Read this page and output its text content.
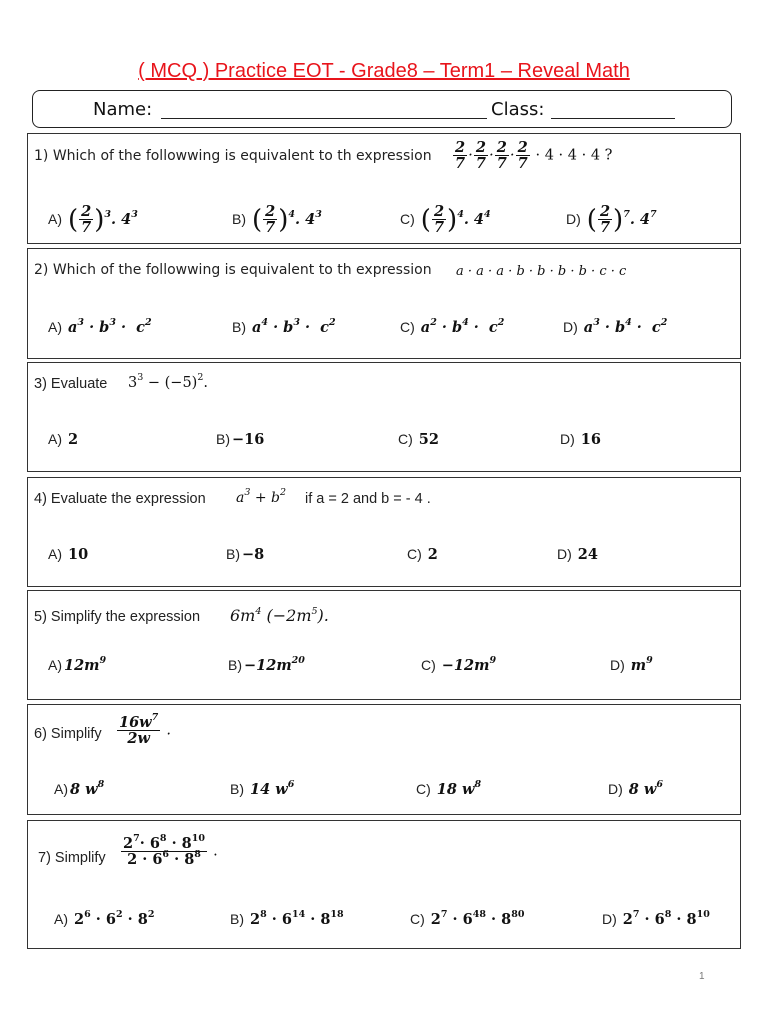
( MCQ ) Practice EOT - Grade8 – Term1 – Reveal Math
Name:	Class:
1) Which of the followwing is equivalent to th expression $\frac{2}{7} \cdot \frac{2}{7} \cdot \frac{2}{7} \cdot \frac{2}{7} \cdot 4 \cdot 4 \cdot 4$ ?
A) ( $\frac{2}{7} )^3$. $4^3$	B) ( $\frac{2}{7} )^4$. $4^3$	C) ( $\frac{2}{7} )^4$. $4^4$	D) ( $\frac{2}{7} )^7$. $4^7$
2) Which of the followwing is equivalent to th expression a · a · a · b · b · b · b · c · c
A) $a^3 \cdot b^3 \cdot c^2$	B) $a^4 \cdot b^3 \cdot c^2$	C) $a^2 \cdot b^4 \cdot c^2$	D) $a^3 \cdot b^4 \cdot c^2$
3) Evaluate $3^3 - (-5)^2$.
A) 2	B) −16	C) 52	D) 16
4) Evaluate the expression $a^3 + b^2$ if a = 2 and b = - 4 .
A) 10	B) −8	C) 2	D) 24
5) Simplify the expression $6m^4$ $(-2m^5)$.
A) $12m^9$	$B) -12m^{20}$	$C) -12m^9$	D) $m^9$
6) Simplify $\frac{16w^7}{2w}$ .
A) 8 $w^8$	B) 14 $w^6$	C) 18 $w^8$	D) 8 $w^6$
7) Simplify $\frac{2^7\cdot 6^8 \cdot 8^{10}}{2 \cdot 6^6 \cdot 8^8}$ .
A) $2^6 \cdot 6^2 \cdot 8^2$	B) $2^8 \cdot 6^{14} \cdot 8^{18}$	C) $2^7 \cdot 6^{48} \cdot 8^{80}$	D) $2^7 \cdot 6^8 \cdot 8^{10}$
1
